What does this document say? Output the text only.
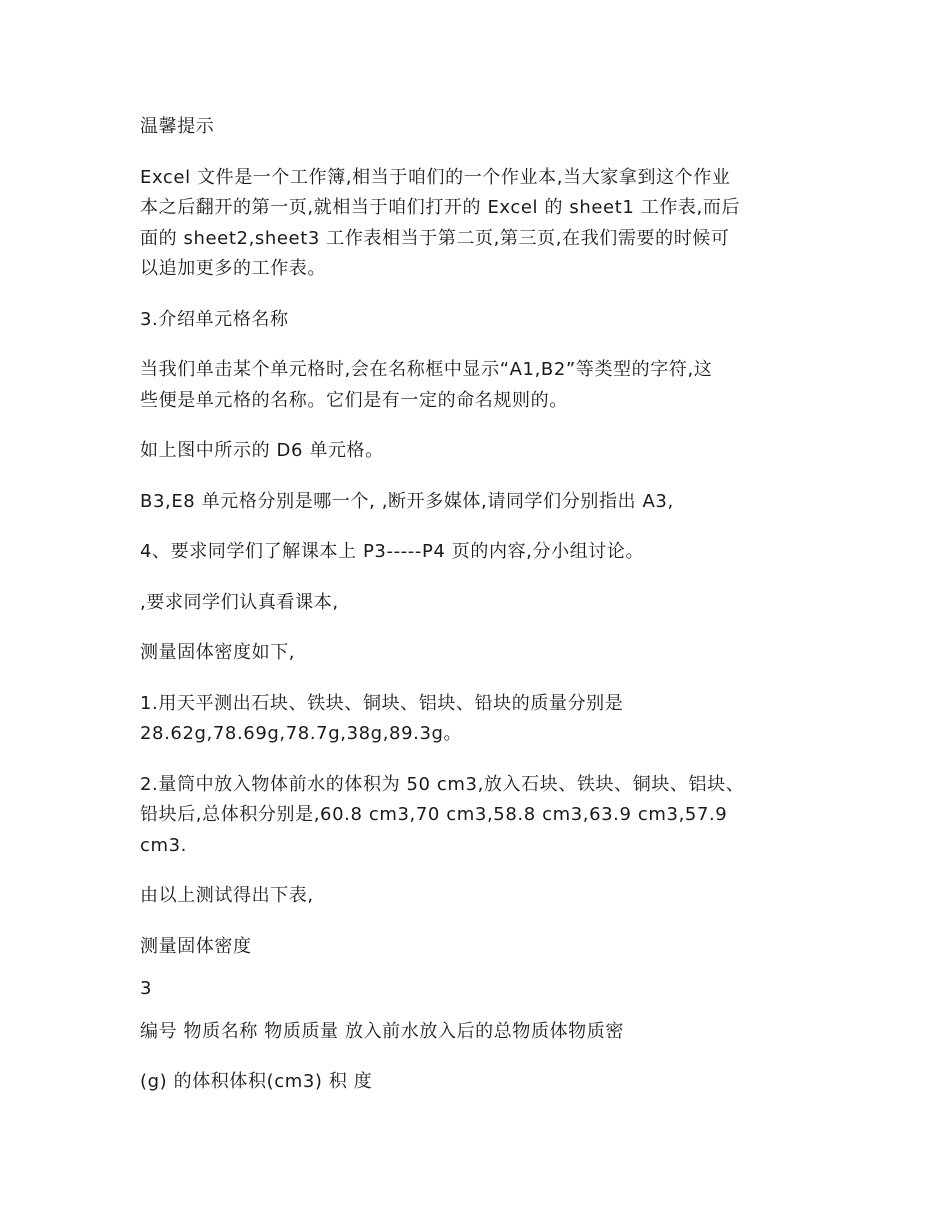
温馨提示

Excel 文件是一个工作簿,相当于咱们的一个作业本,当大家拿到这个作业
本之后翻开的第一页,就相当于咱们打开的 Excel 的 sheet1 工作表,而后
面的 sheet2,sheet3 工作表相当于第二页,第三页,在我们需要的时候可
以追加更多的工作表。

3.介绍单元格名称

当我们单击某个单元格时,会在名称框中显示“A1,B2”等类型的字符,这
些便是单元格的名称。它们是有一定的命名规则的。

如上图中所示的 D6 单元格。

B3,E8 单元格分别是哪一个, ,断开多媒体,请同学们分别指出 A3,

4、要求同学们了解课本上 P3-----P4 页的内容,分小组讨论。

,要求同学们认真看课本,

测量固体密度如下,

1.用天平测出石块、铁块、铜块、铝块、铅块的质量分别是
28.62g,78.69g,78.7g,38g,89.3g。

2.量筒中放入物体前水的体积为 50 cm3,放入石块、铁块、铜块、铝块、
铅块后,总体积分别是,60.8 cm3,70 cm3,58.8 cm3,63.9 cm3,57.9
cm3.

由以上测试得出下表,

测量固体密度

3

编号 物质名称 物质质量 放入前水放入后的总物质体物质密

(g) 的体积体积(cm3) 积 度
